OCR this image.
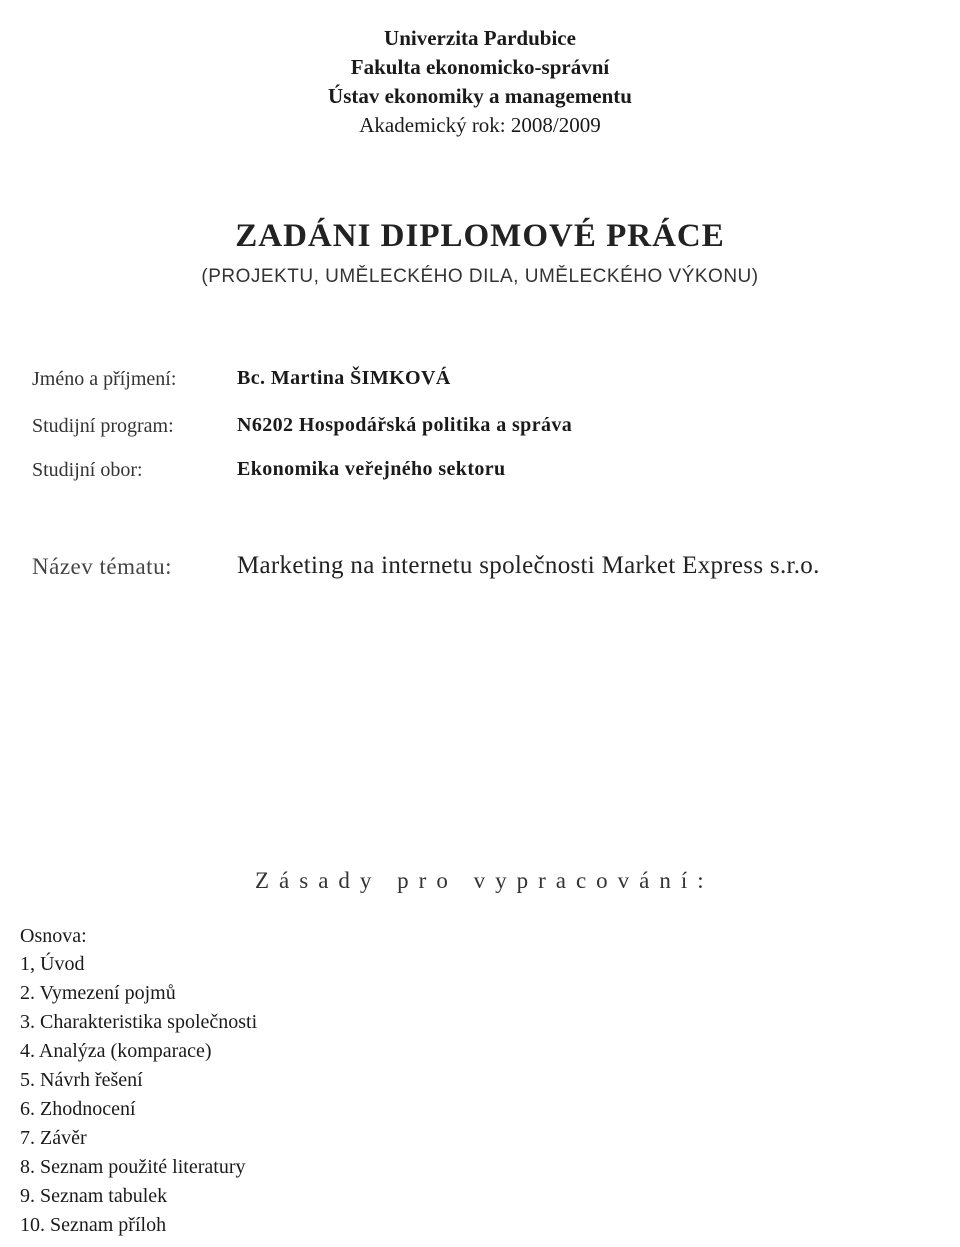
Univerzita Pardubice
Fakulta ekonomicko-správní
Ústav ekonomiky a managementu
Akademický rok: 2008/2009
ZADÁNI DIPLOMOVÉ PRÁCE
(PROJEKTU, UMĚLECKÉHO DILA, UMĚLECKÉHO VÝKONU)
Jméno a příjmení:	Bc. Martina ŠIMKOVÁ
Studijní program:	N6202 Hospodářská politika a správa
Studijní obor:	Ekonomika veřejného sektoru
Název tématu:	Marketing na internetu společnosti Market Express s.r.o.
Zásady pro vypracování:
Osnova:
1, Úvod
2. Vymezení pojmů
3. Charakteristika společnosti
4. Analýza (komparace)
5. Návrh řešení
6. Zhodnocení
7. Závěr
8. Seznam použité literatury
9. Seznam tabulek
10. Seznam příloh
